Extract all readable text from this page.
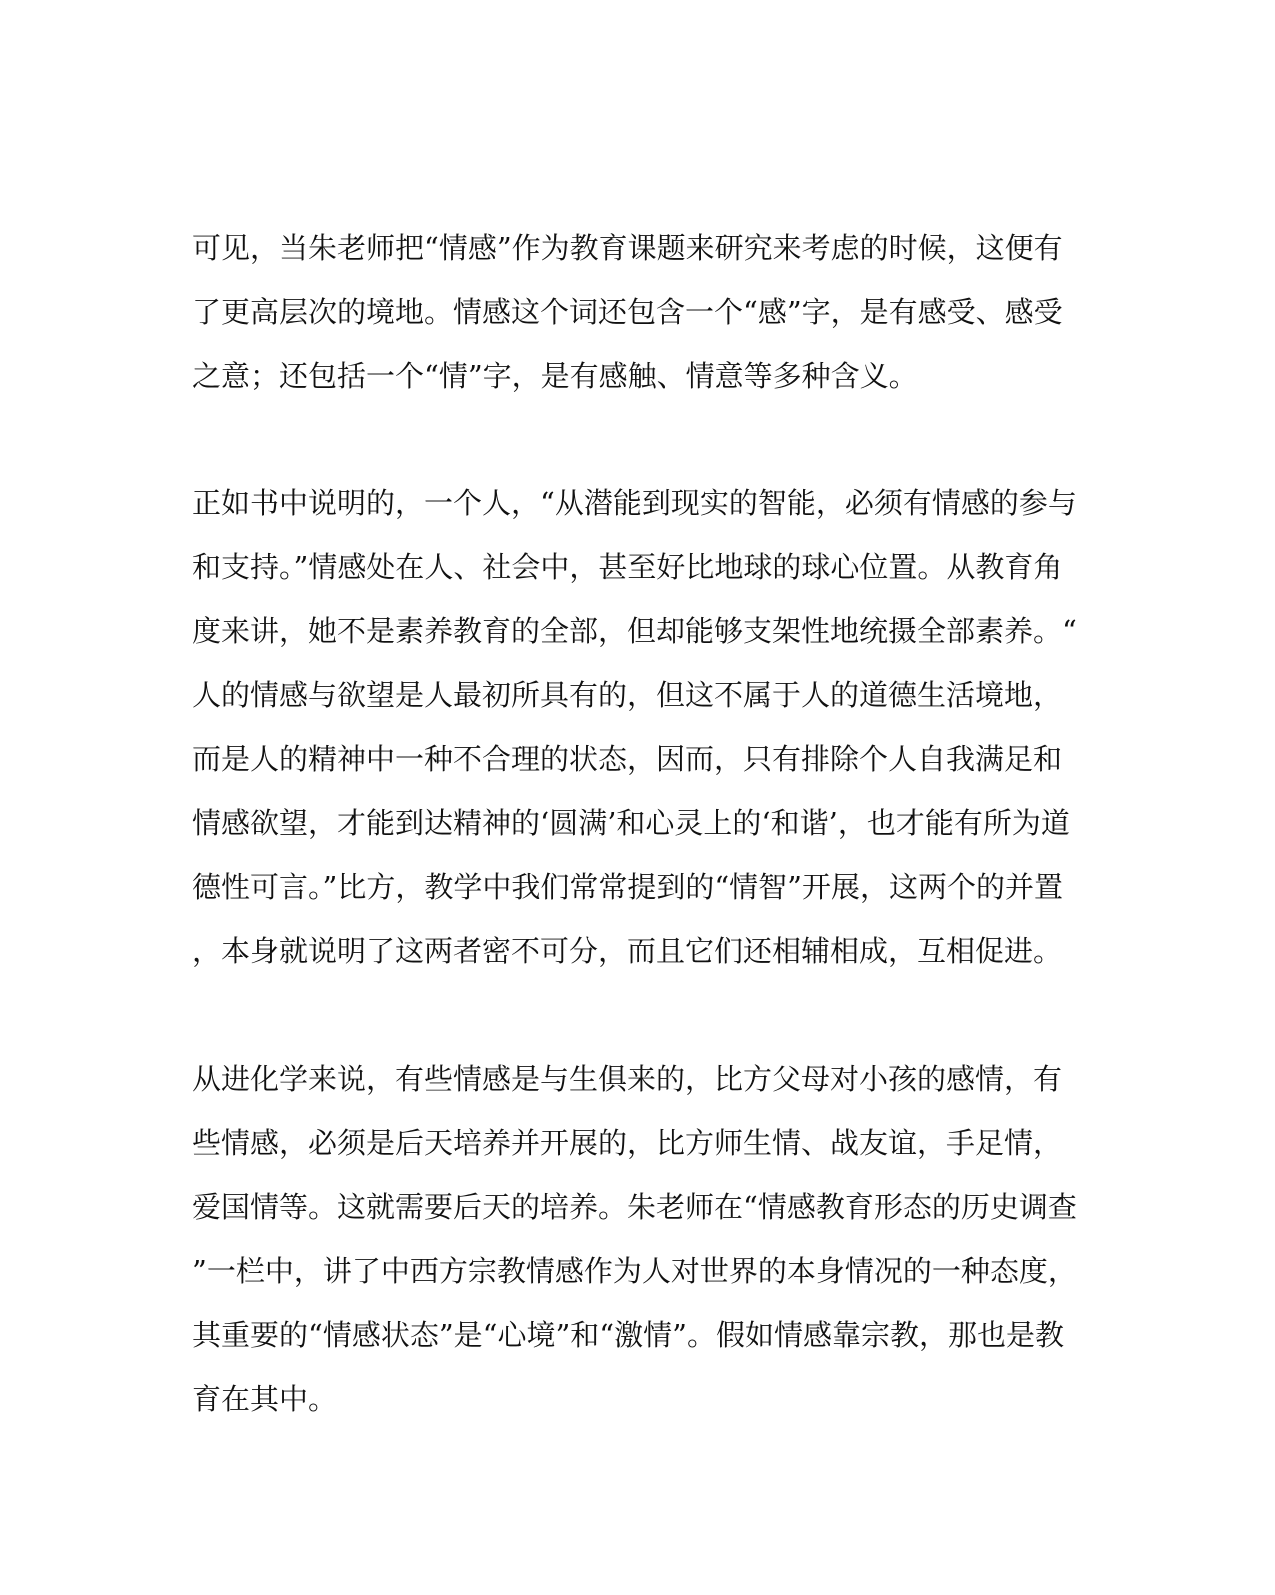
可见，当朱老师把“情感”作为教育课题来研究来考虑的时候，这便有
了更高层次的境地。情感这个词还包含一个“感”字，是有感受、感受
之意；还包括一个“情”字，是有感触、情意等多种含义。
正如书中说明的，一个人，“从潜能到现实的智能，必须有情感的参与
和支持。”情感处在人、社会中，甚至好比地球的球心位置。从教育角
度来讲，她不是素养教育的全部，但却能够支架性地统摄全部素养。“
人的情感与欲望是人最初所具有的，但这不属于人的道德生活境地，
而是人的精神中一种不合理的状态，因而，只有排除个人自我满足和
情感欲望，才能到达精神的‘圆满’和心灵上的‘和谐’，也才能有所为道
德性可言。”比方，教学中我们常常提到的“情智”开展，这两个的并置
，本身就说明了这两者密不可分，而且它们还相辅相成，互相促进。
从进化学来说，有些情感是与生俱来的，比方父母对小孩的感情，有
些情感，必须是后天培养并开展的，比方师生情、战友谊，手足情，
爱国情等。这就需要后天的培养。朱老师在“情感教育形态的历史调查
”一栏中，讲了中西方宗教情感作为人对世界的本身情况的一种态度，
其重要的“情感状态”是“心境”和“激情”。假如情感靠宗教，那也是教
育在其中。
